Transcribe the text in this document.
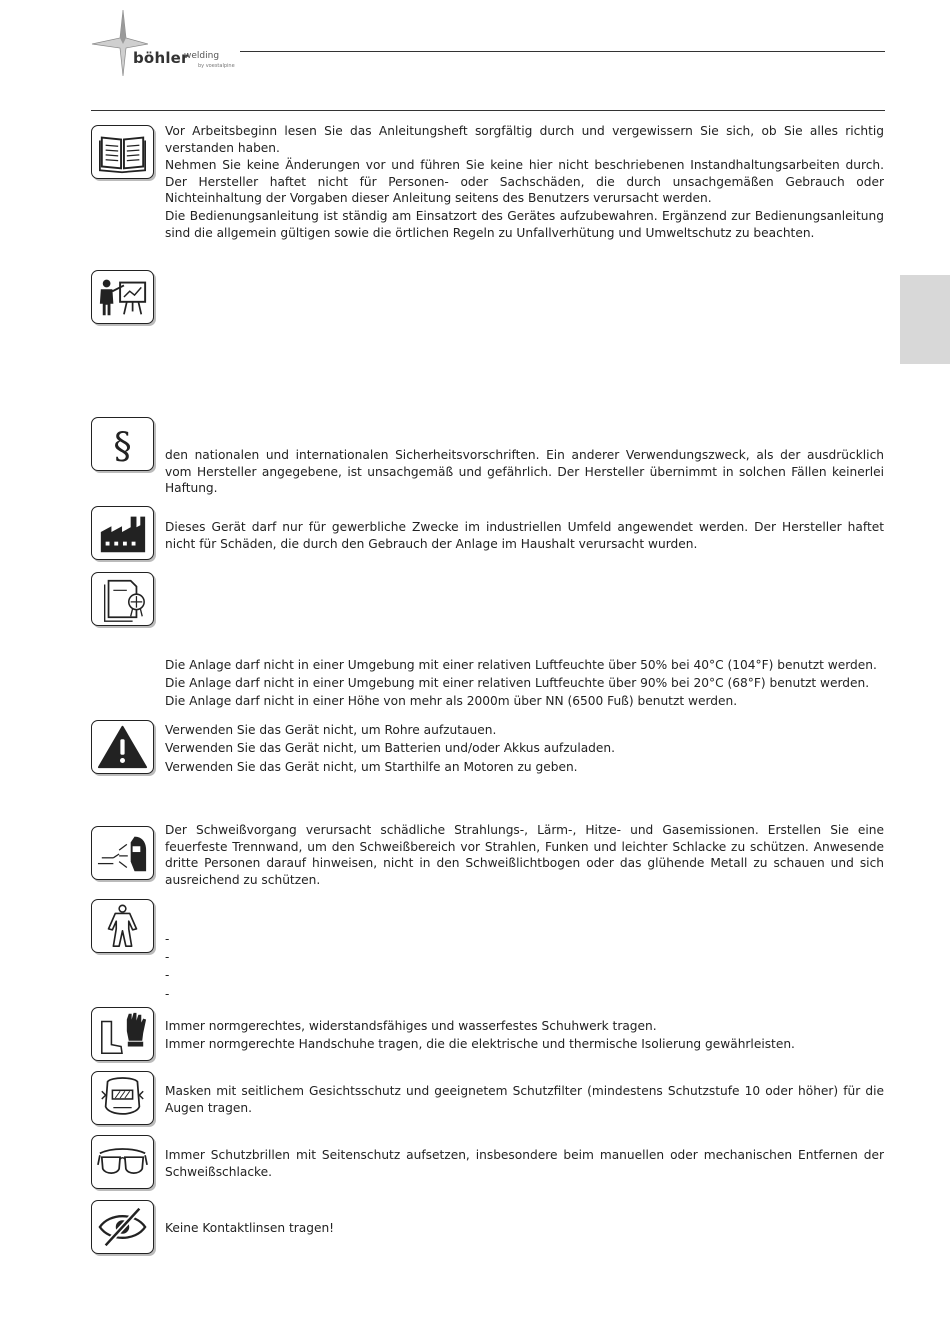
böhler
welding
by voestalpine

Vor Arbeitsbeginn lesen Sie das Anleitungsheft sorgfältig durch und vergewissern Sie sich, ob Sie alles richtig verstanden haben.

Nehmen Sie keine Änderungen vor und führen Sie keine hier nicht beschriebenen Instandhaltungsarbeiten durch. Der Hersteller haftet nicht für Personen- oder Sachschäden, die durch unsachgemäßen Gebrauch oder Nichteinhaltung der Vorgaben dieser Anleitung seitens des Benutzers verursacht werden.

Die Bedienungsanleitung ist ständig am Einsatzort des Gerätes aufzubewahren. Ergänzend zur Bedienungsanleitung sind die allgemein gültigen sowie die örtlichen Regeln zu Unfallverhütung und Umweltschutz zu beachten.

§	den nationalen und internationalen Sicherheitsvorschriften. Ein anderer Verwendungszweck, als der ausdrücklich vom Hersteller angegebene, ist unsachgemäß und gefährlich. Der Hersteller übernimmt in solchen Fällen keinerlei Haftung.

Dieses Gerät darf nur für gewerbliche Zwecke im industriellen Umfeld angewendet werden. Der Hersteller haftet nicht für Schäden, die durch den Gebrauch der Anlage im Haushalt verursacht wurden.

Die Anlage darf nicht in einer Umgebung mit einer relativen Luftfeuchte über 50% bei 40°C (104°F) benutzt werden.

Die Anlage darf nicht in einer Umgebung mit einer relativen Luftfeuchte über 90% bei 20°C (68°F) benutzt werden.

Die Anlage darf nicht in einer Höhe von mehr als 2000m über NN (6500 Fuß) benutzt werden.

Verwenden Sie das Gerät nicht, um Rohre aufzutauen.

Verwenden Sie das Gerät nicht, um Batterien und/oder Akkus aufzuladen.

Verwenden Sie das Gerät nicht, um Starthilfe an Motoren zu geben.

Der Schweißvorgang verursacht schädliche Strahlungs-, Lärm-, Hitze- und Gasemissionen. Erstellen Sie eine feuerfeste Trennwand, um den Schweißbereich vor Strahlen, Funken und leichter Schlacke zu schützen. Anwesende dritte Personen darauf hinweisen, nicht in den Schweißlichtbogen oder das glühende Metall zu schauen und sich ausreichend zu schützen.

-
-
-
-

Immer normgerechtes, widerstandsfähiges und wasserfestes Schuhwerk tragen.

Immer normgerechte Handschuhe tragen, die die elektrische und thermische Isolierung gewährleisten.

Masken mit seitlichem Gesichtsschutz und geeignetem Schutzfilter (mindestens Schutzstufe 10 oder höher) für die Augen tragen.

Immer Schutzbrillen mit Seitenschutz aufsetzen, insbesondere beim manuellen oder mechanischen Entfernen der Schweißschlacke.

Keine Kontaktlinsen tragen!
